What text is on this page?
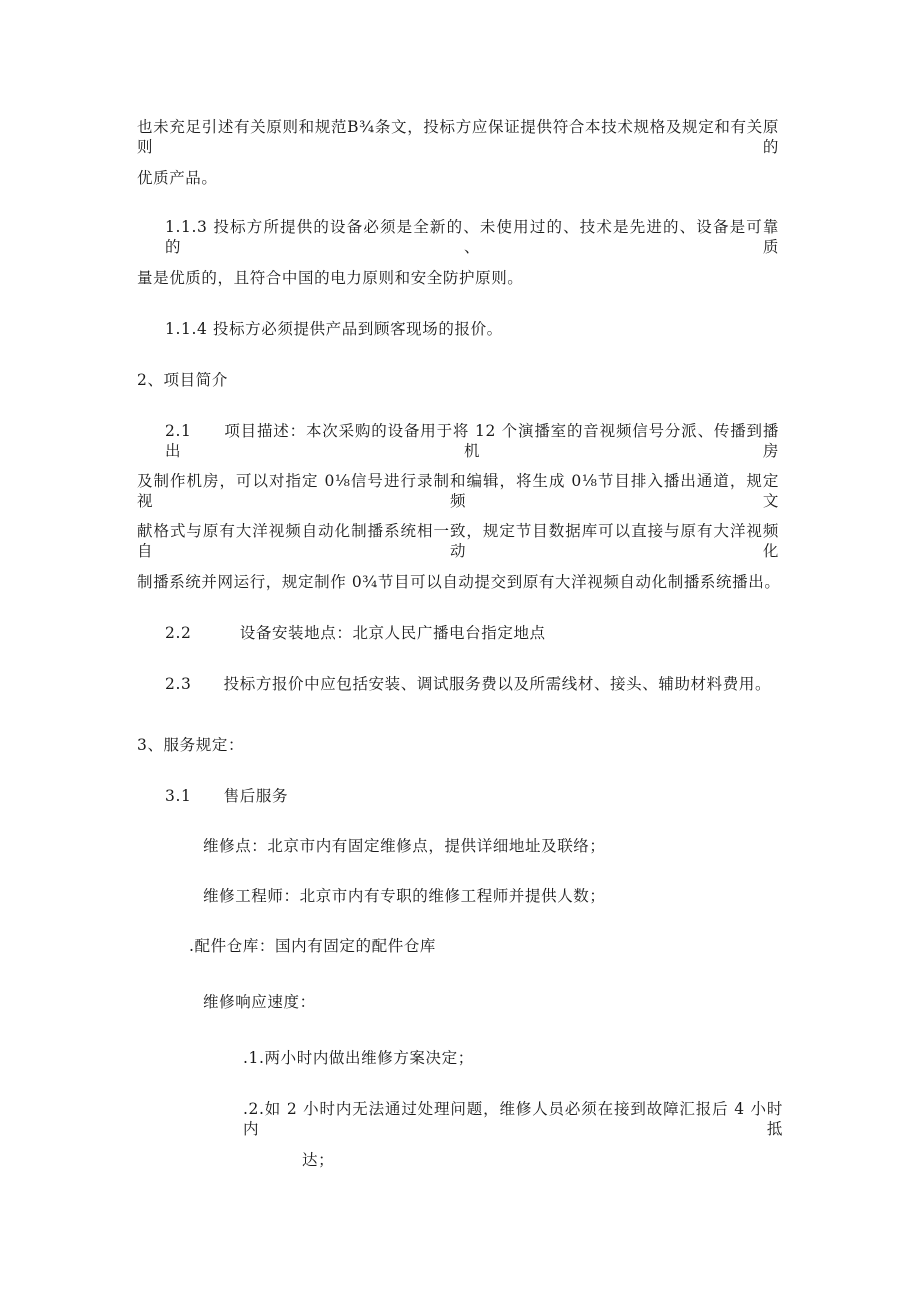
也未充足引述有关原则和规范B¾条文，投标方应保证提供符合本技术规格及规定和有关原则的
优质产品。
1.1.3 投标方所提供的设备必须是全新的、未使用过的、技术是先进的、设备是可靠的、质
量是优质的，且符合中国的电力原则和安全防护原则。
1.1.4 投标方必须提供产品到顾客现场的报价。
2、项目简介
2.1　　项目描述：本次采购的设备用于将 12 个演播室的音视频信号分派、传播到播出机房
及制作机房，可以对指定 0⅛信号进行录制和编辑，将生成 0⅛节目排入播出通道，规定视频文
献格式与原有大洋视频自动化制播系统相一致，规定节目数据库可以直接与原有大洋视频自动化
制播系统并网运行，规定制作 0¾节目可以自动提交到原有大洋视频自动化制播系统播出。
2.2　　　设备安装地点：北京人民广播电台指定地点
2.3　　投标方报价中应包括安装、调试服务费以及所需线材、接头、辅助材料费用。
3、服务规定：
3.1　　售后服务
维修点：北京市内有固定维修点，提供详细地址及联络；
维修工程师：北京市内有专职的维修工程师并提供人数；
.配件仓库：国内有固定的配件仓库
维修响应速度：
.1.两小时内做出维修方案决定；
.2.如 2 小时内无法通过处理问题，维修人员必须在接到故障汇报后 4 小时内抵
达；
